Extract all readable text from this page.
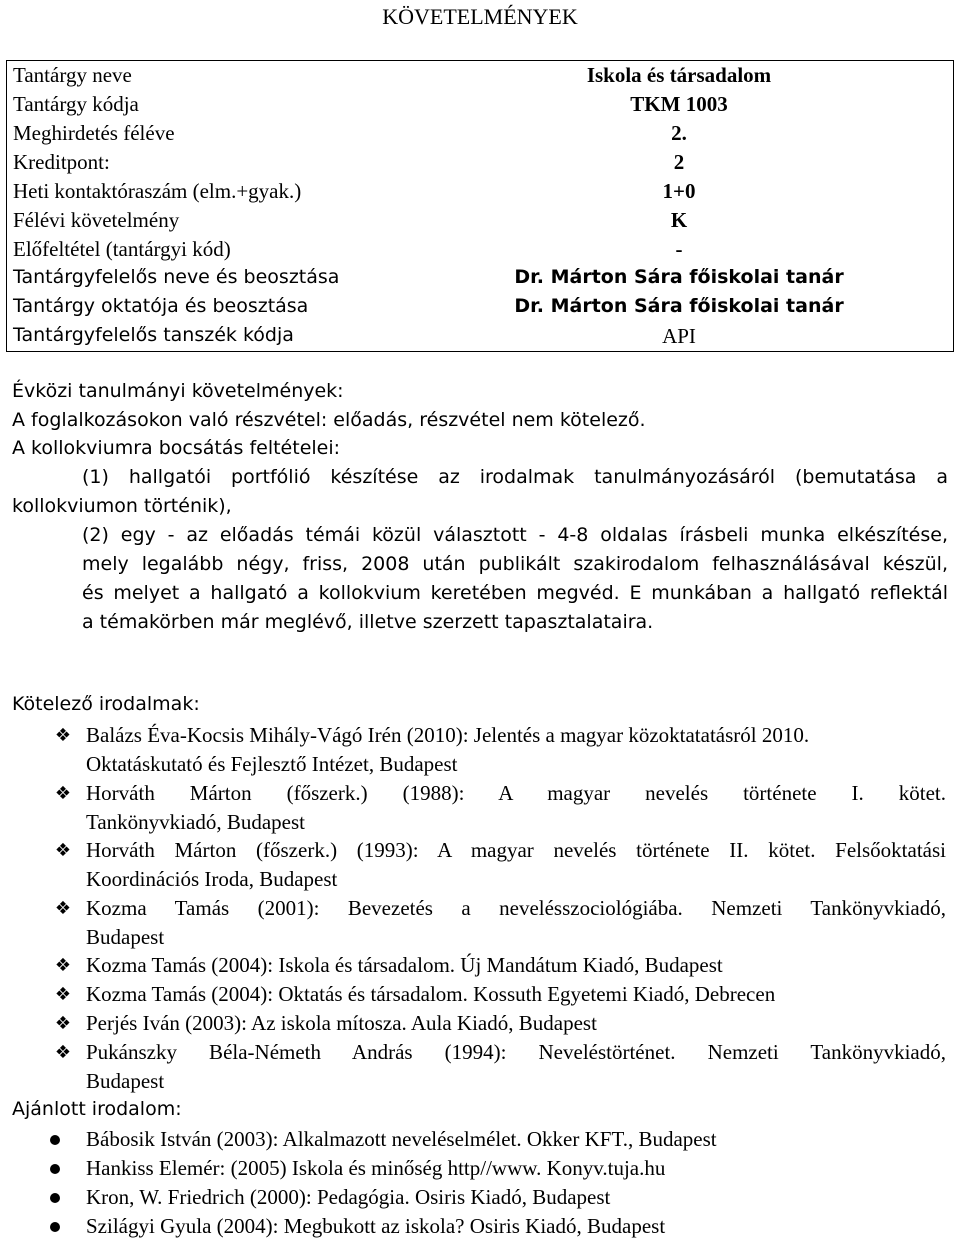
KÖVETELMÉNYEK
Tantárgy neve	Iskola és társadalom
Tantárgy kódja	TKM 1003
Meghirdetés féléve	2.
Kreditpont:	2
Heti kontaktóraszám (elm.+gyak.)	1+0
Félévi követelmény	K
Előfeltétel (tantárgyi kód)	-
Tantárgyfelelős neve és beosztása	Dr. Márton Sára főiskolai tanár
Tantárgy oktatója és beosztása	Dr. Márton Sára főiskolai tanár
Tantárgyfelelős tanszék kódja	API
Évközi tanulmányi követelmények:
A foglalkozásokon való részvétel: előadás, részvétel nem kötelező.
A kollokviumra bocsátás feltételei:
(1) hallgatói portfólió készítése az irodalmak tanulmányozásáról (bemutatása a
kollokviumon történik),
(2) egy - az előadás témái közül választott - 4-8 oldalas írásbeli munka elkészítése,
mely legalább négy, friss, 2008 után publikált szakirodalom felhasználásával készül,
és melyet a hallgató a kollokvium keretében megvéd. E munkában a hallgató reflektál
a témakörben már meglévő, illetve szerzett tapasztalataira.
Kötelező irodalmak:
❖ Balázs Éva-Kocsis Mihály-Vágó Irén (2010): Jelentés a magyar közoktatatásról 2010.
Oktatáskutató és Fejlesztő Intézet, Budapest
❖ Horváth Márton (főszerk.) (1988): A magyar nevelés története I. kötet.
Tankönyvkiadó, Budapest
❖ Horváth Márton (főszerk.) (1993): A magyar nevelés története II. kötet. Felsőoktatási
Koordinációs Iroda, Budapest
❖ Kozma Tamás (2001): Bevezetés a nevelésszociológiába. Nemzeti Tankönyvkiadó,
Budapest
❖ Kozma Tamás (2004): Iskola és társadalom. Új Mandátum Kiadó, Budapest
❖ Kozma Tamás (2004): Oktatás és társadalom. Kossuth Egyetemi Kiadó, Debrecen
❖ Perjés Iván (2003): Az iskola mítosza. Aula Kiadó, Budapest
❖ Pukánszky Béla-Németh András (1994): Neveléstörténet. Nemzeti Tankönyvkiadó,
Budapest
Ajánlott irodalom:
Bábosik István (2003): Alkalmazott neveléselmélet. Okker KFT., Budapest
Hankiss Elemér: (2005) Iskola és minőség http//www. Konyv.tuja.hu
Kron, W. Friedrich (2000): Pedagógia. Osiris Kiadó, Budapest
Szilágyi Gyula (2004): Megbukott az iskola? Osiris Kiadó, Budapest
